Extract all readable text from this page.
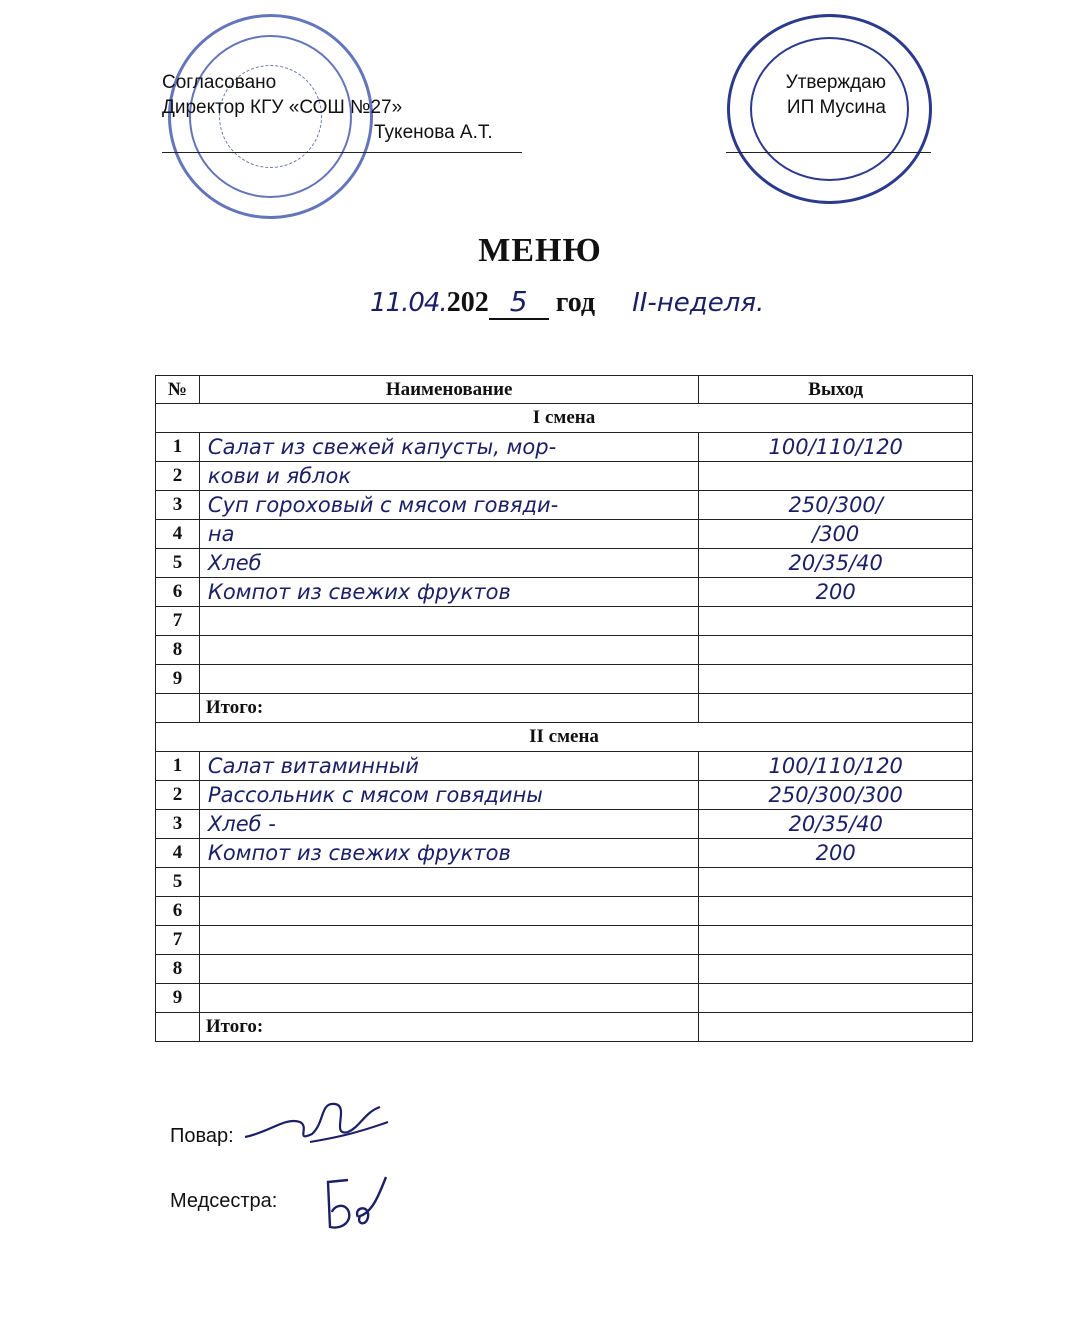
Согласовано
Директор КГУ «СОШ №27»
Тукенова А.Т.
Утверждаю
ИП Мусина
МЕНЮ
11.04.202 5 год II-неделя.
№	Наименование	Выход
I смена		
1	Салат из свежей капусты, мор-	100/110/120
2	кови и яблок	
3	Суп гороховый с мясом говяди-	250/300/
4	на	/300
5	Хлеб	20/35/40
6	Компот из свежих фруктов	200
7		
8		
9		
	Итого:	
II смена		
1	Салат витаминный	100/110/120
2	Рассольник с мясом говядины	250/300/300
3	Хлеб -	20/35/40
4	Компот из свежих фруктов	200
5		
6		
7		
8		
9		
	Итого:	
Повар:
Медсестра:
